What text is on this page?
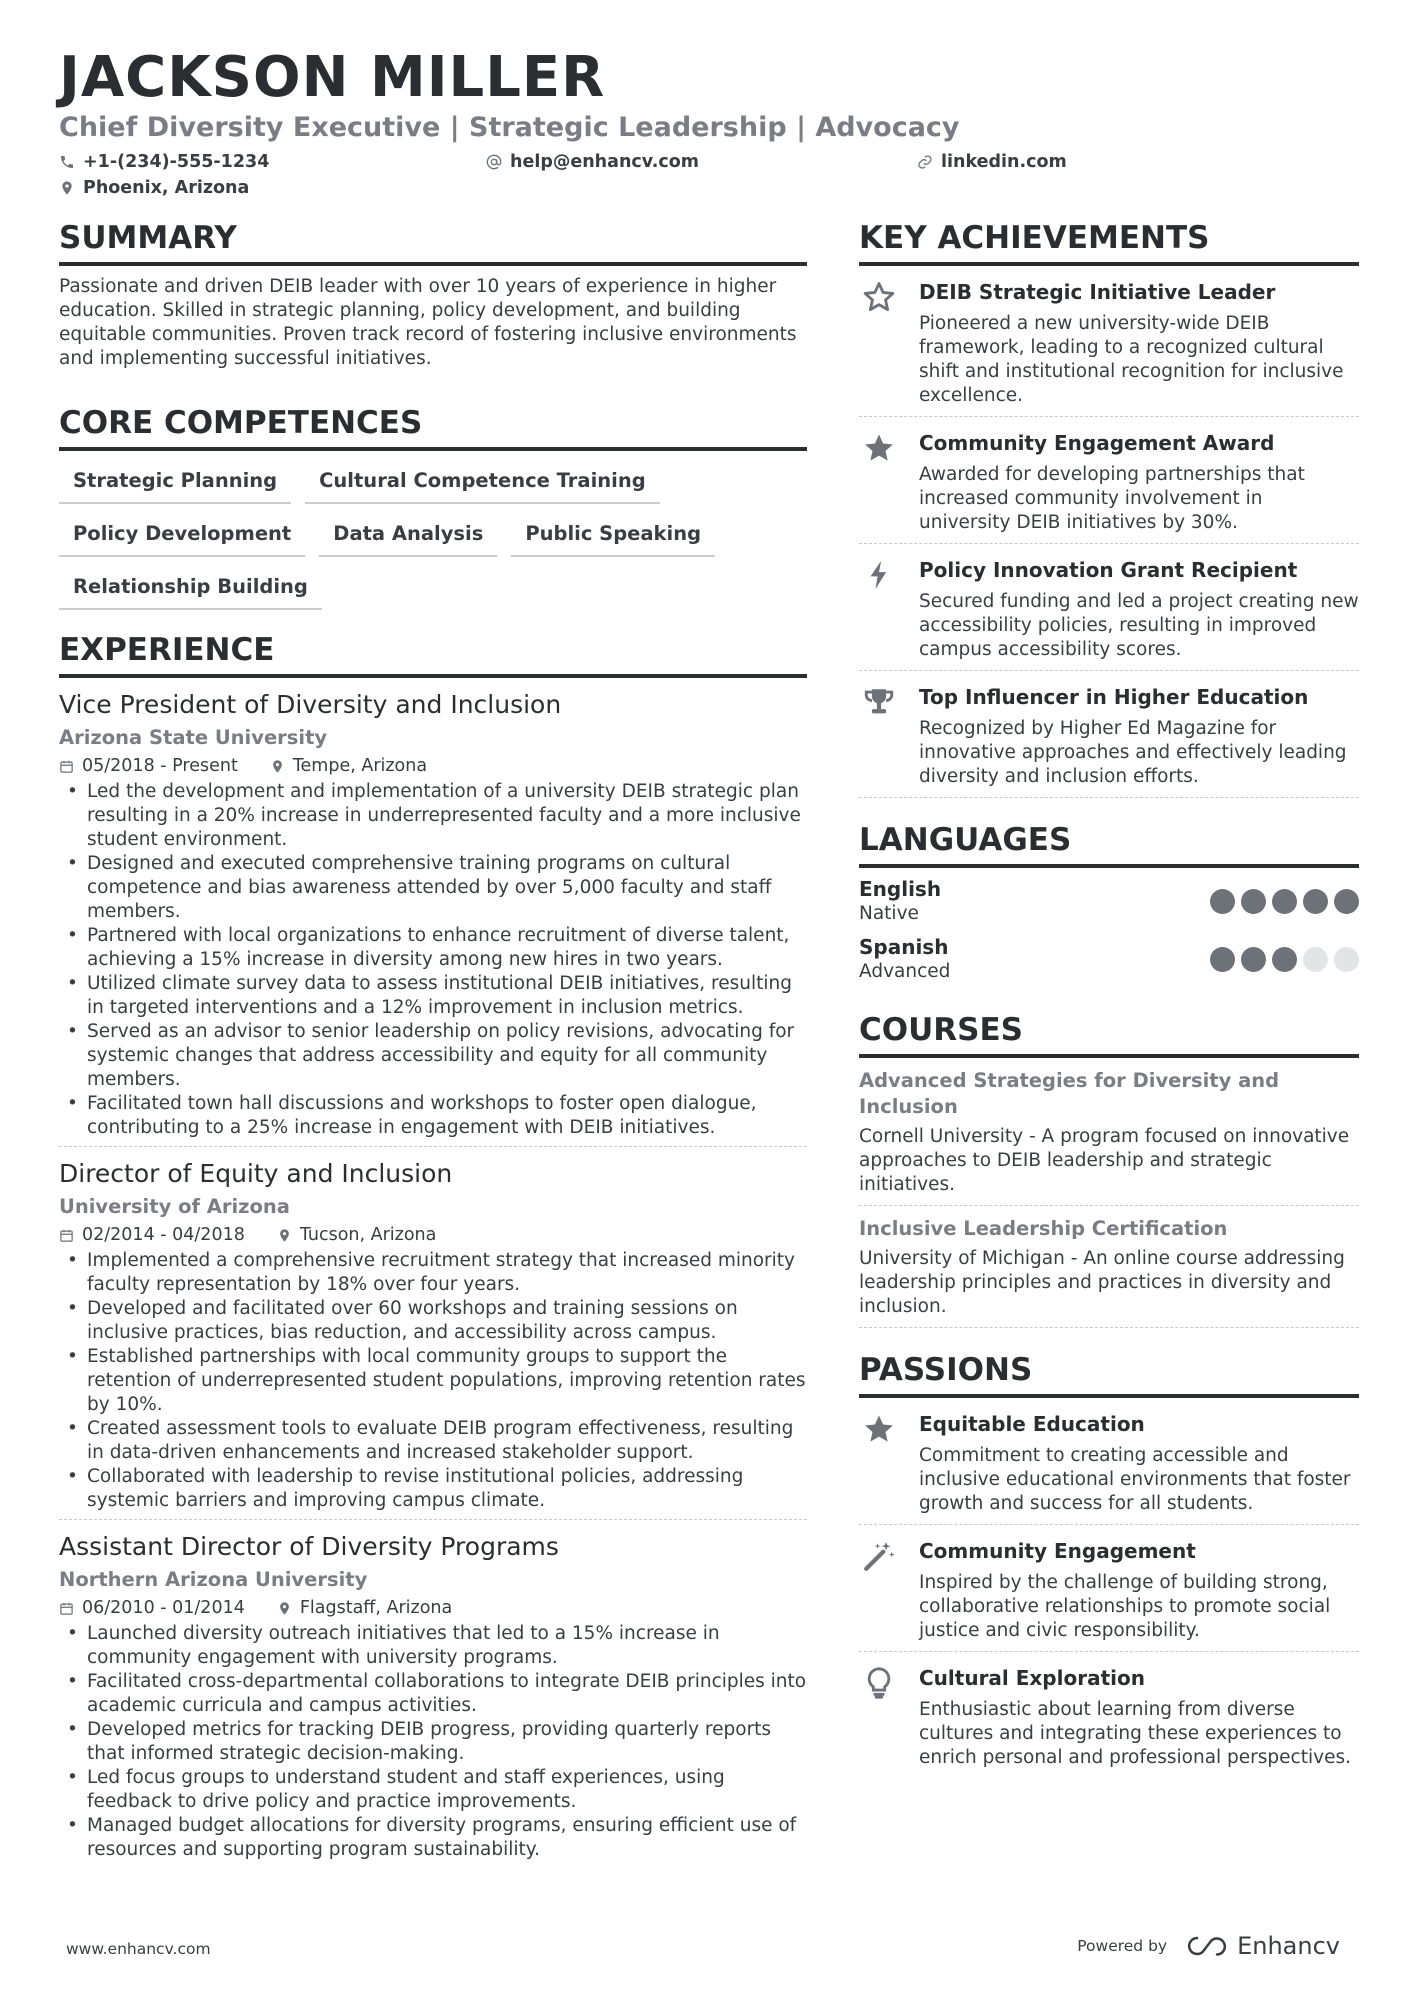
JACKSON MILLER
Chief Diversity Executive | Strategic Leadership | Advocacy
+1-(234)-555-1234	help@enhancv.com	linkedin.com
Phoenix, Arizona
SUMMARY
Passionate and driven DEIB leader with over 10 years of experience in higher education. Skilled in strategic planning, policy development, and building equitable communities. Proven track record of fostering inclusive environments and implementing successful initiatives.
CORE COMPETENCES
Strategic Planning	Cultural Competence Training
Policy Development	Data Analysis	Public Speaking
Relationship Building
EXPERIENCE
Vice President of Diversity and Inclusion
Arizona State University
05/2018 - Present	Tempe, Arizona
• Led the development and implementation of a university DEIB strategic plan resulting in a 20% increase in underrepresented faculty and a more inclusive student environment.
• Designed and executed comprehensive training programs on cultural competence and bias awareness attended by over 5,000 faculty and staff members.
• Partnered with local organizations to enhance recruitment of diverse talent, achieving a 15% increase in diversity among new hires in two years.
• Utilized climate survey data to assess institutional DEIB initiatives, resulting in targeted interventions and a 12% improvement in inclusion metrics.
• Served as an advisor to senior leadership on policy revisions, advocating for systemic changes that address accessibility and equity for all community members.
• Facilitated town hall discussions and workshops to foster open dialogue, contributing to a 25% increase in engagement with DEIB initiatives.
Director of Equity and Inclusion
University of Arizona
02/2014 - 04/2018	Tucson, Arizona
• Implemented a comprehensive recruitment strategy that increased minority faculty representation by 18% over four years.
• Developed and facilitated over 60 workshops and training sessions on inclusive practices, bias reduction, and accessibility across campus.
• Established partnerships with local community groups to support the retention of underrepresented student populations, improving retention rates by 10%.
• Created assessment tools to evaluate DEIB program effectiveness, resulting in data-driven enhancements and increased stakeholder support.
• Collaborated with leadership to revise institutional policies, addressing systemic barriers and improving campus climate.
Assistant Director of Diversity Programs
Northern Arizona University
06/2010 - 01/2014	Flagstaff, Arizona
• Launched diversity outreach initiatives that led to a 15% increase in community engagement with university programs.
• Facilitated cross-departmental collaborations to integrate DEIB principles into academic curricula and campus activities.
• Developed metrics for tracking DEIB progress, providing quarterly reports that informed strategic decision-making.
• Led focus groups to understand student and staff experiences, using feedback to drive policy and practice improvements.
• Managed budget allocations for diversity programs, ensuring efficient use of resources and supporting program sustainability.
KEY ACHIEVEMENTS
DEIB Strategic Initiative Leader
Pioneered a new university-wide DEIB framework, leading to a recognized cultural shift and institutional recognition for inclusive excellence.
Community Engagement Award
Awarded for developing partnerships that increased community involvement in university DEIB initiatives by 30%.
Policy Innovation Grant Recipient
Secured funding and led a project creating new accessibility policies, resulting in improved campus accessibility scores.
Top Influencer in Higher Education
Recognized by Higher Ed Magazine for innovative approaches and effectively leading diversity and inclusion efforts.
LANGUAGES
English
Native
Spanish
Advanced
COURSES
Advanced Strategies for Diversity and Inclusion
Cornell University - A program focused on innovative approaches to DEIB leadership and strategic initiatives.
Inclusive Leadership Certification
University of Michigan - An online course addressing leadership principles and practices in diversity and inclusion.
PASSIONS
Equitable Education
Commitment to creating accessible and inclusive educational environments that foster growth and success for all students.
Community Engagement
Inspired by the challenge of building strong, collaborative relationships to promote social justice and civic responsibility.
Cultural Exploration
Enthusiastic about learning from diverse cultures and integrating these experiences to enrich personal and professional perspectives.
www.enhancv.com	Powered by	Enhancv
